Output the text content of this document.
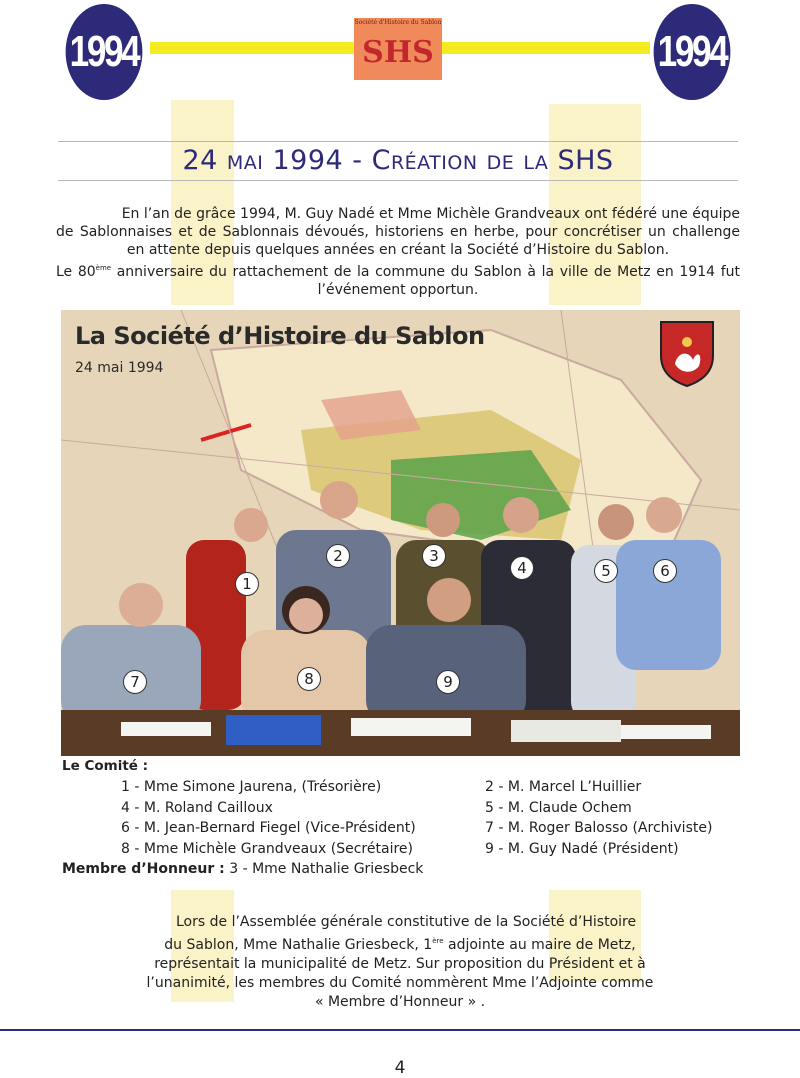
1994
Société d'Histoire du Sablon
SHS	1994
24 mai 1994 - Création de la SHS
En l’an de grâce 1994, M. Guy Nadé et Mme Michèle Grandveaux ont fédéré une équipe
de Sablonnaises et de Sablonnais dévoués, historiens en herbe, pour concrétiser un challenge
en attente depuis quelques années en créant la Société d’Histoire du Sablon.
Le 80ème anniversaire du rattachement de la commune du Sablon à la ville de Metz en 1914 fut
l’événement opportun.
La Société d’Histoire du Sablon
24 mai 1994
1
2	3
4	5	6
7	8	9
Le Comité :
1 - Mme Simone Jaurena, (Trésorière)	2 - M. Marcel L’Huillier
4 - M. Roland Cailloux	5 - M. Claude Ochem
6 - M. Jean-Bernard Fiegel (Vice-Président)	7 - M. Roger Balosso (Archiviste)
8 - Mme Michèle Grandveaux (Secrétaire)	9 - M. Guy Nadé (Président)
Membre d’Honneur : 3 - Mme Nathalie Griesbeck
Lors de l’Assemblée générale constitutive de la Société d’Histoire
du Sablon, Mme Nathalie Griesbeck, 1ère adjointe au maire de Metz,
représentait la municipalité de Metz. Sur proposition du Président et à
l’unanimité, les membres du Comité nommèrent Mme l’Adjointe comme
« Membre d’Honneur » .
4
